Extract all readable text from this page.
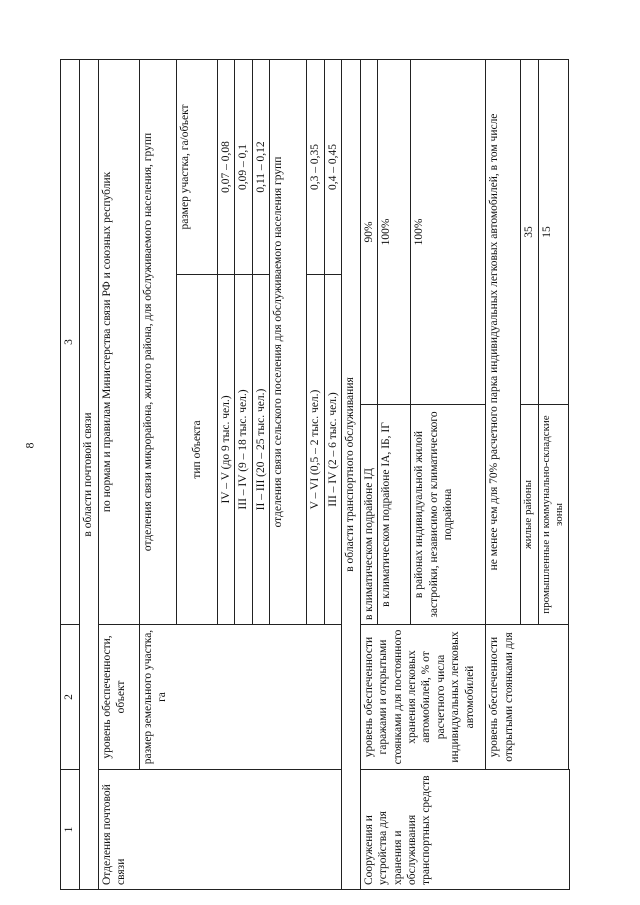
8
1	2	3		
в области почтовой связи				
Отделения почтовой связи	уровень обеспеченности, объект	по нормам и правилам Министерства связи РФ и союзных республик		
	размер земельного участка, га	отделения связи микрорайона, жилого района, для обслуживаемого населения, групп		
		тип объекта		размер участка, га/объект
		IV – V (до 9 тыс. чел.)		0,07 – 0,08
		III – IV (9 – 18 тыс. чел.)		0,09 – 0,1
		II – III (20 – 25 тыс. чел.)		0,11 – 0,12
		отделения связи сельского поселения для обслуживаемого населения групп		
		V – VI (0,5 – 2 тыс. чел.)		0,3 – 0,35
		III – IV (2 – 6 тыс. чел.)		0,4 – 0,45
в области транспортного обслуживания				
Сооружения и устройства для хранения и обслуживания транспортных средств	уровень обеспеченности гаражами и открытыми стоянками для постоянного хранения легковых автомобилей, % от расчетного числа индивидуальных легковых автомобилей	в климатическом подрайоне IД	90%	
		в климатическом подрайоне IА, IБ, IГ	100%	
		в районах индивидуальной жилой застройки, независимо от климатического подрайона	100%	
	уровень обеспеченности открытыми стоянками для	не менее чем для 70% расчетного парка индивидуальных легковых автомобилей, в том числе		
		жилые районы	35	
		промышленные и коммунально-складские зоны	15	
